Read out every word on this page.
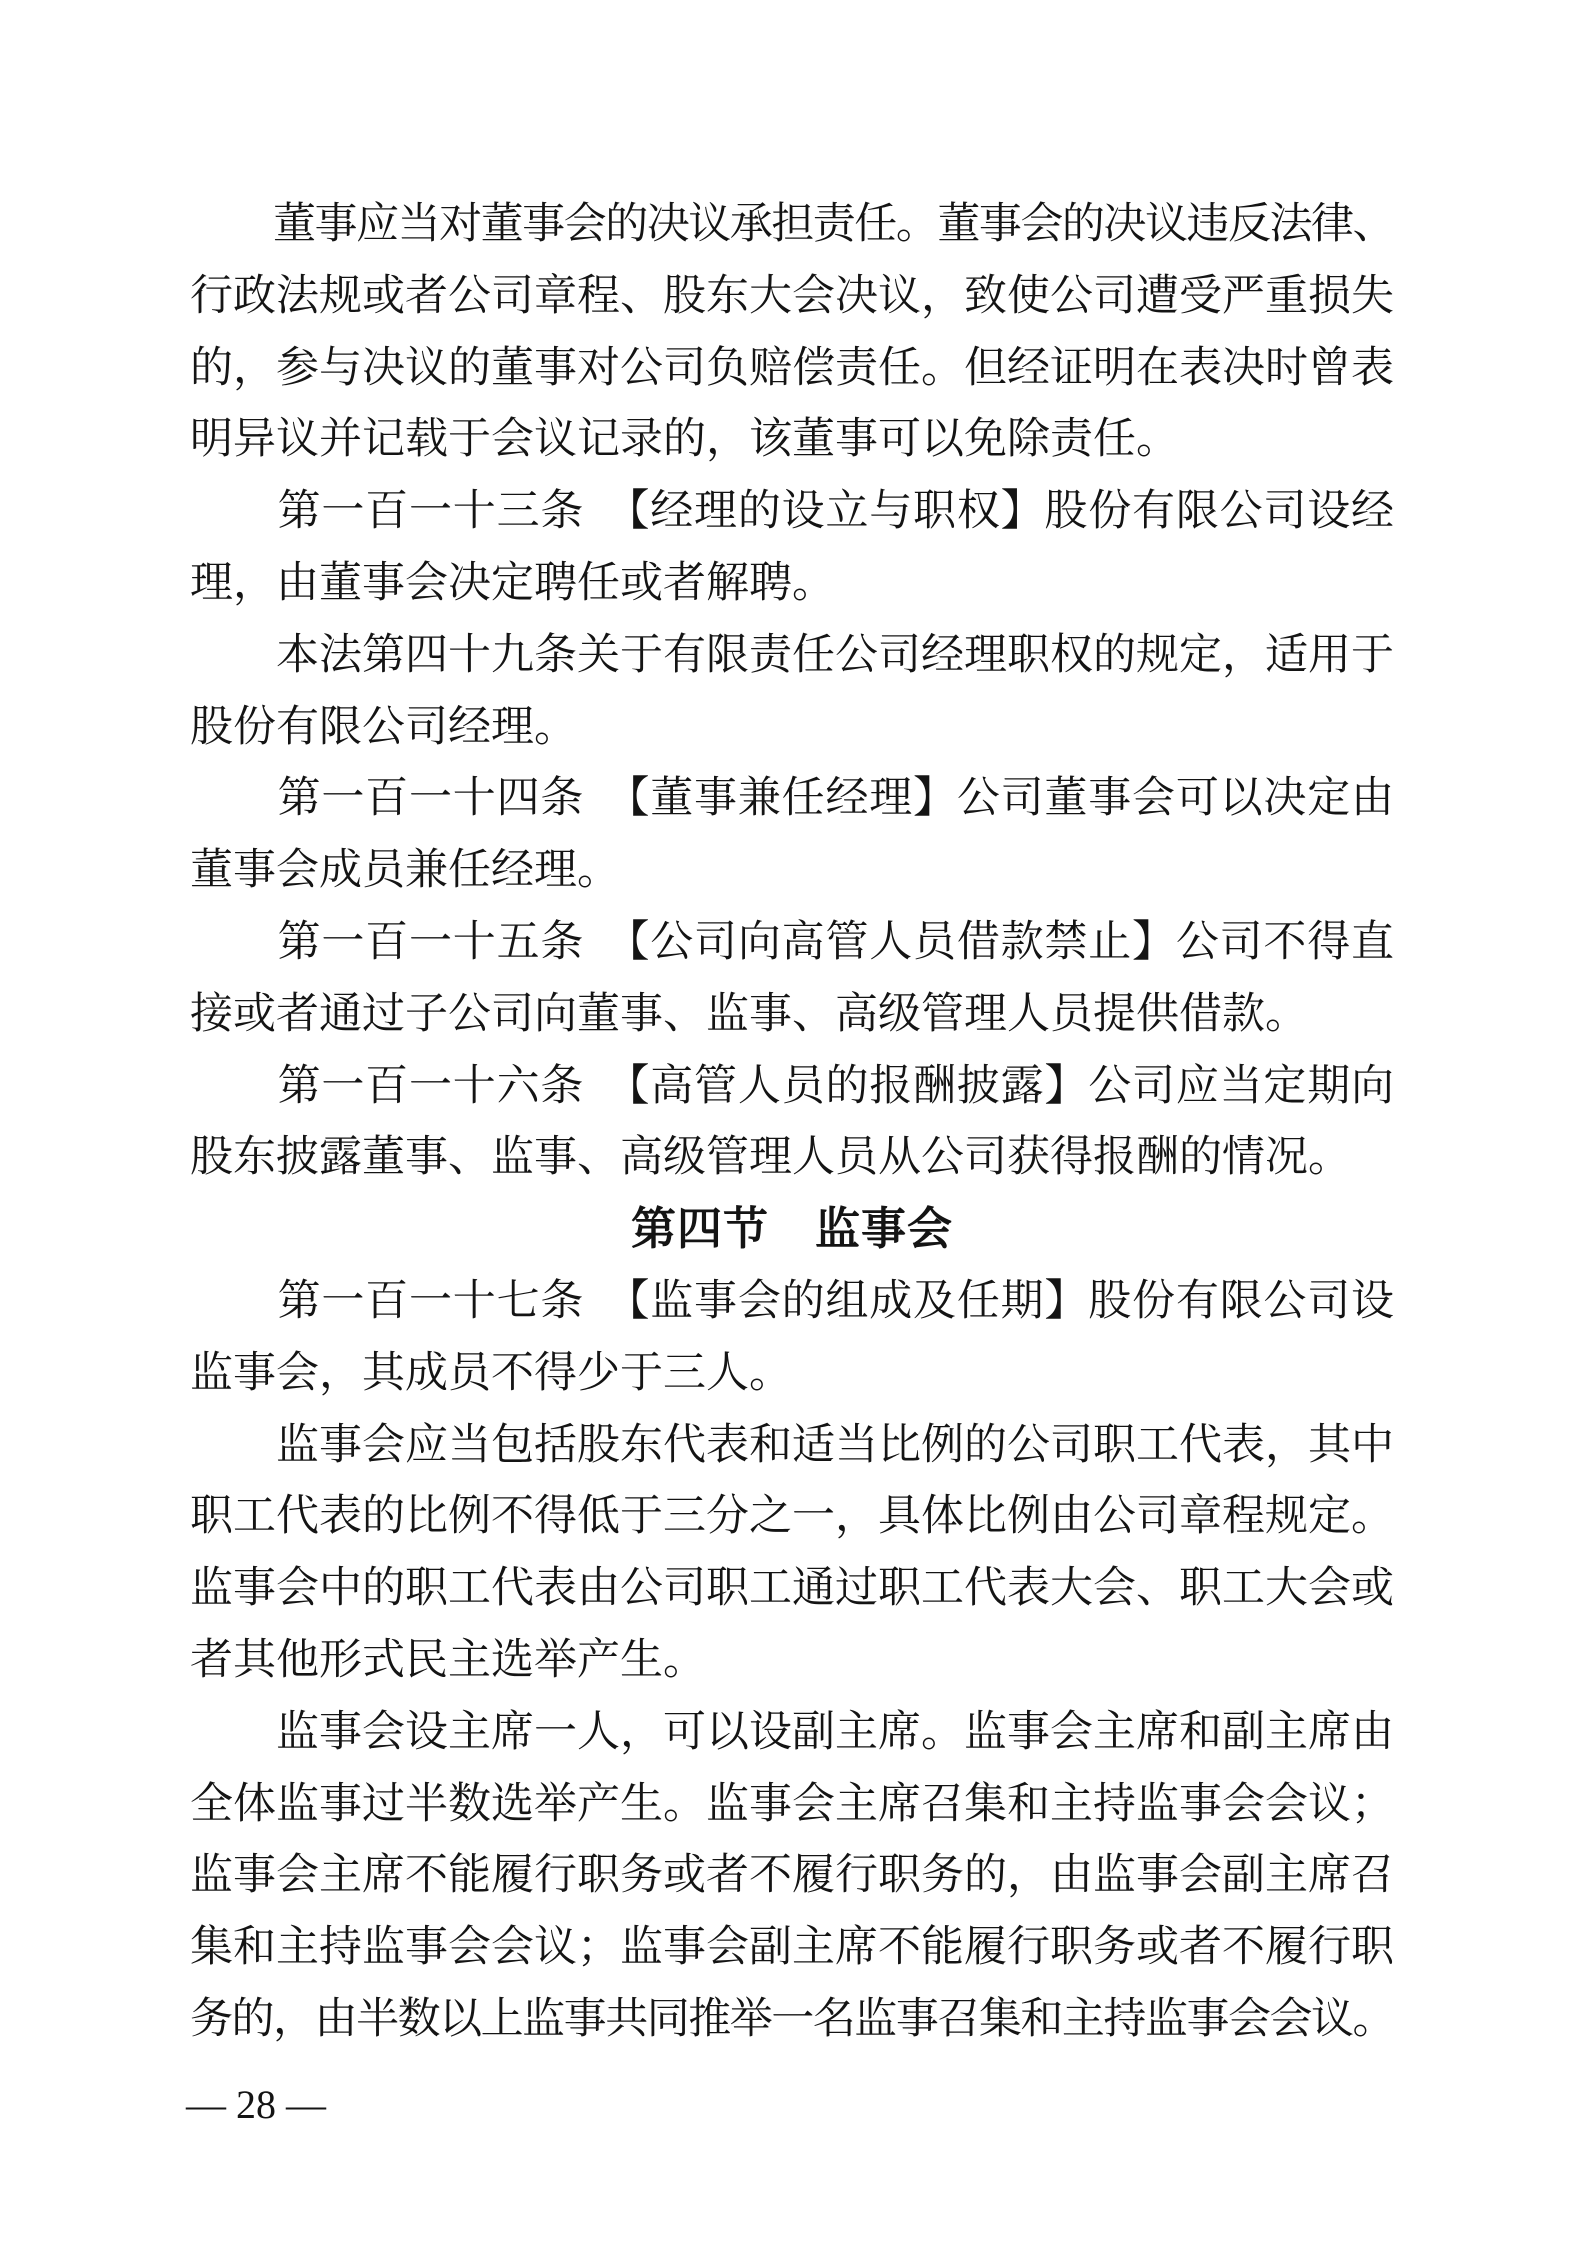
　　董事应当对董事会的决议承担责任。董事会的决议违反法律、
行政法规或者公司章程、股东大会决议，致使公司遭受严重损失
的，参与决议的董事对公司负赔偿责任。但经证明在表决时曾表
明异议并记载于会议记录的，该董事可以免除责任。
　　第一百一十三条　【经理的设立与职权】股份有限公司设经
理，由董事会决定聘任或者解聘。
　　本法第四十九条关于有限责任公司经理职权的规定，适用于
股份有限公司经理。
　　第一百一十四条　【董事兼任经理】公司董事会可以决定由
董事会成员兼任经理。
　　第一百一十五条　【公司向高管人员借款禁止】公司不得直
接或者通过子公司向董事、监事、高级管理人员提供借款。
　　第一百一十六条　【高管人员的报酬披露】公司应当定期向
股东披露董事、监事、高级管理人员从公司获得报酬的情况。
第四节　监事会
　　第一百一十七条　【监事会的组成及任期】股份有限公司设
监事会，其成员不得少于三人。
　　监事会应当包括股东代表和适当比例的公司职工代表，其中
职工代表的比例不得低于三分之一，具体比例由公司章程规定。
监事会中的职工代表由公司职工通过职工代表大会、职工大会或
者其他形式民主选举产生。
　　监事会设主席一人，可以设副主席。监事会主席和副主席由
全体监事过半数选举产生。监事会主席召集和主持监事会会议；
监事会主席不能履行职务或者不履行职务的，由监事会副主席召
集和主持监事会会议；监事会副主席不能履行职务或者不履行职
务的，由半数以上监事共同推举一名监事召集和主持监事会会议。
— 28 —
